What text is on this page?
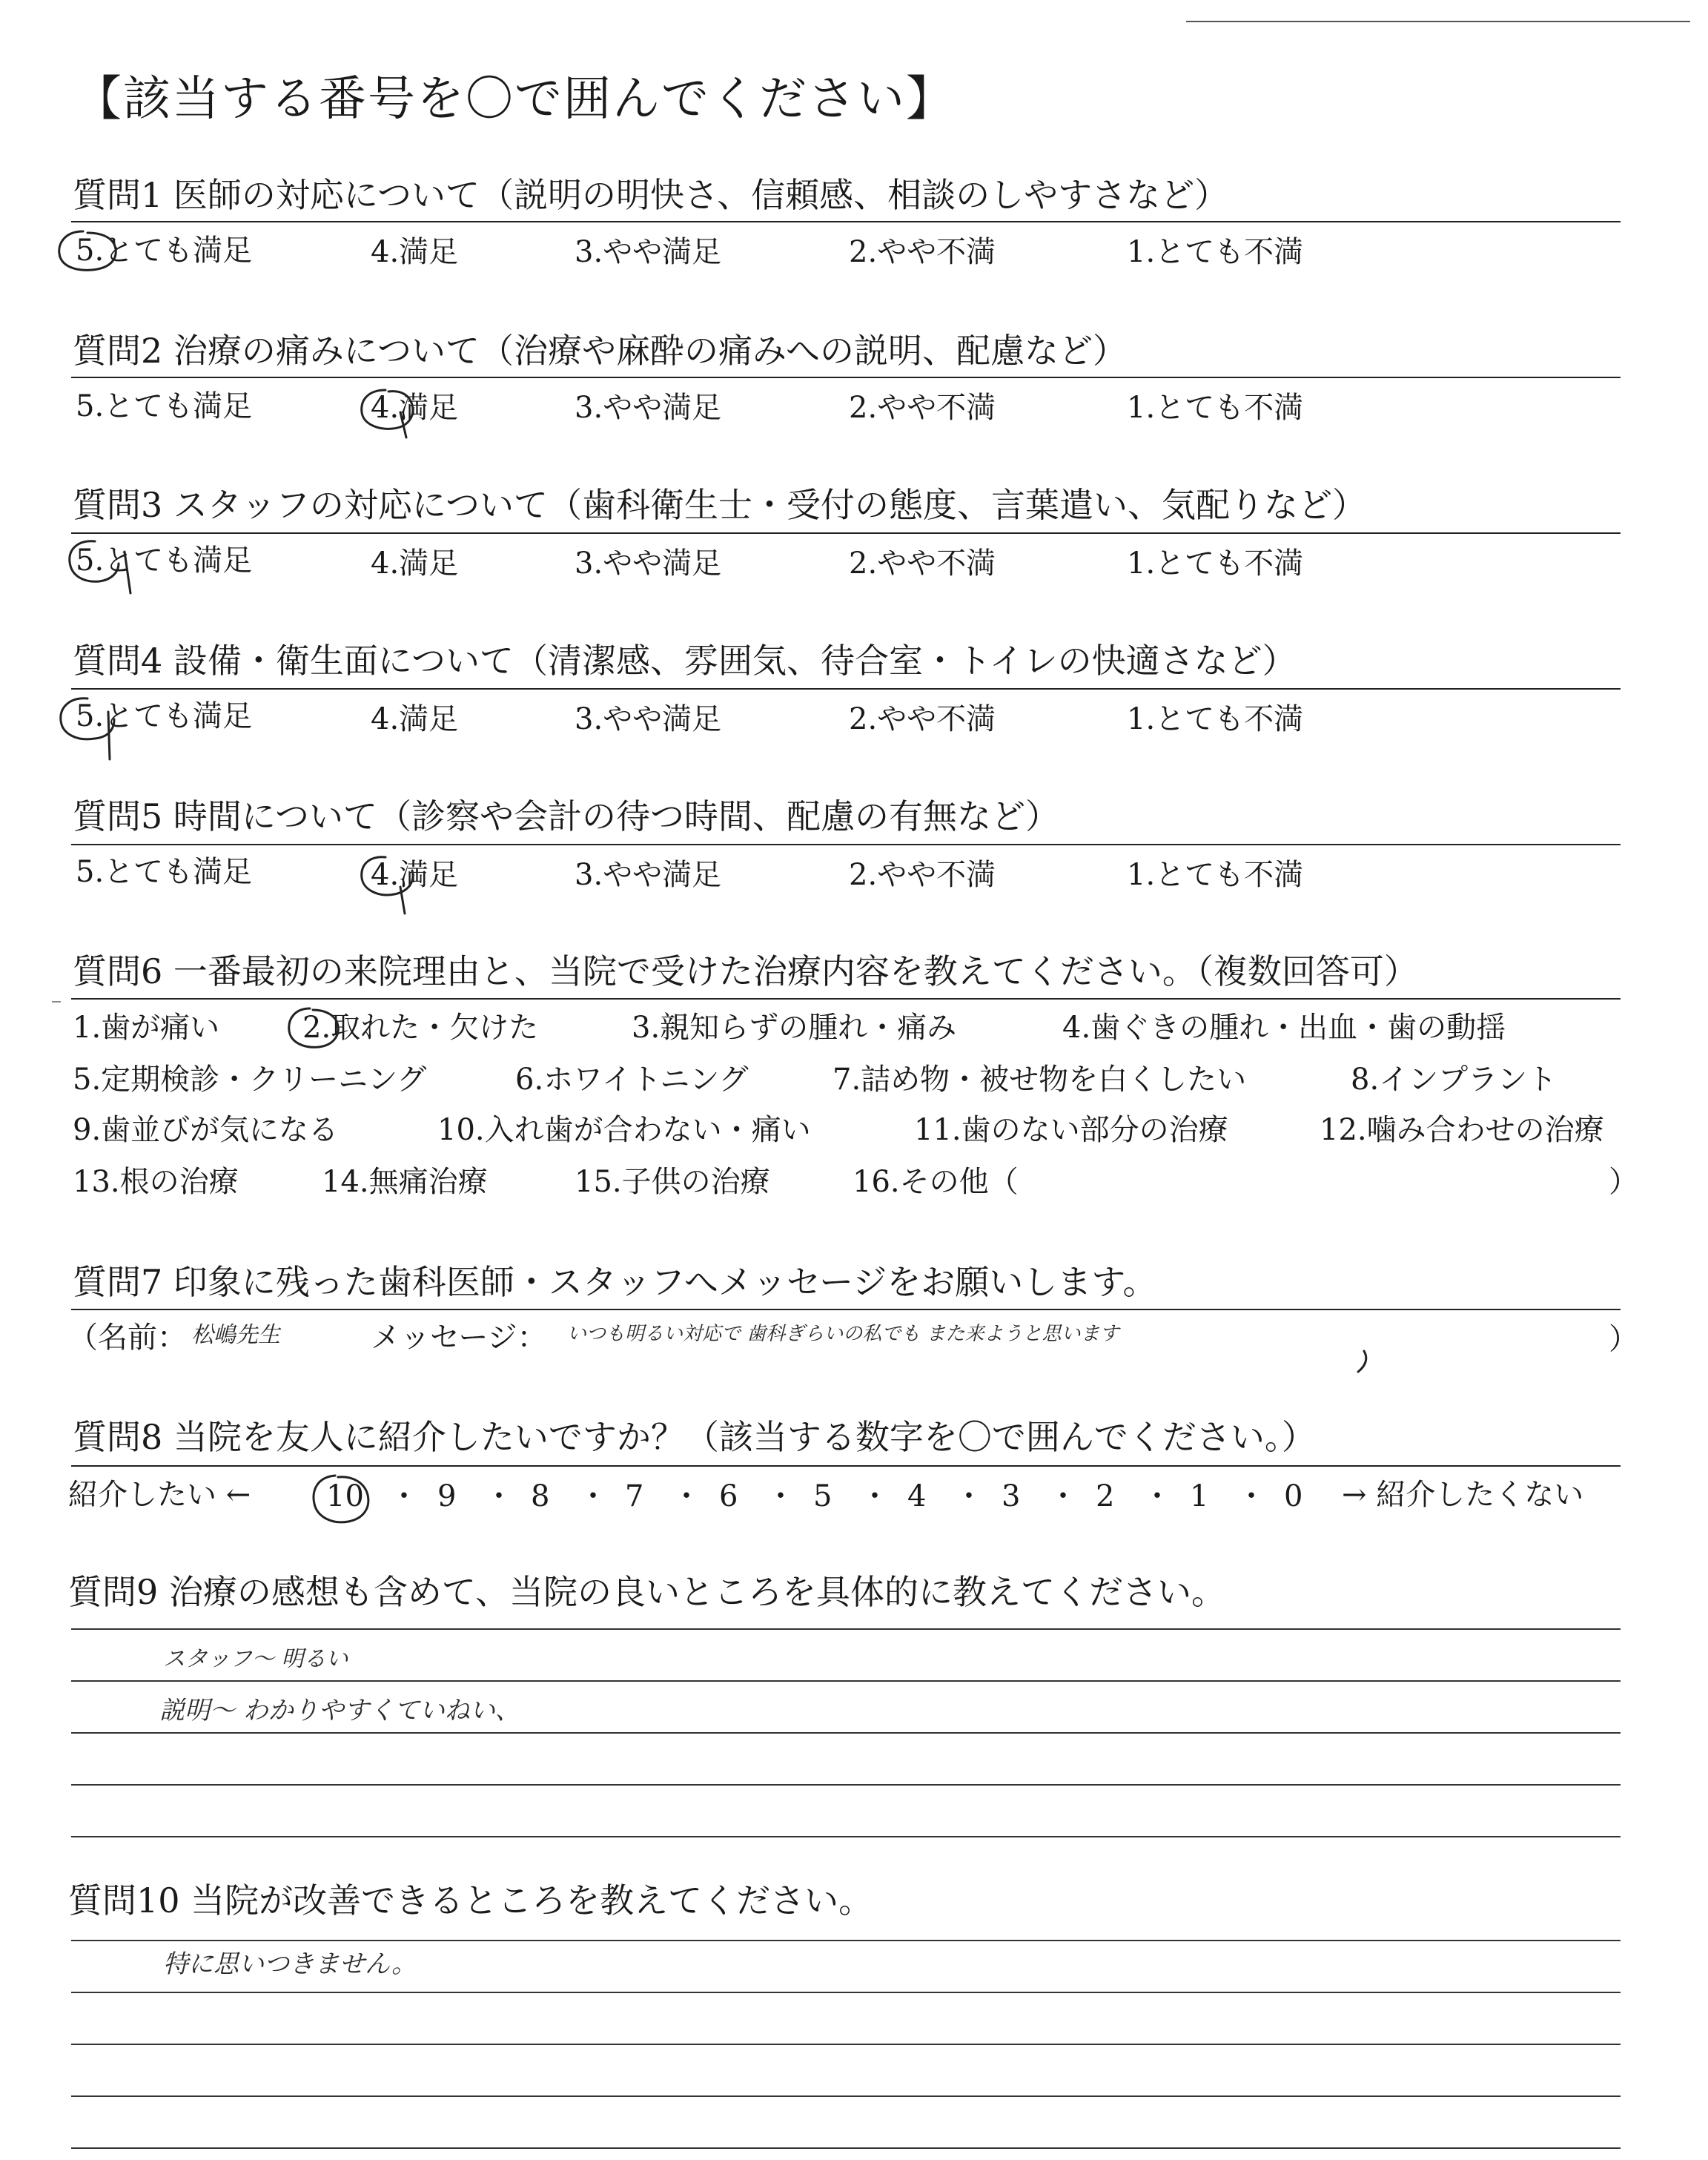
【該当する番号を〇で囲んでください】
質問1 医師の対応について（説明の明快さ、信頼感、相談のしやすさなど）
5.とても満足	4.満足	3.やや満足	2.やや不満	1.とても不満
質問2 治療の痛みについて（治療や麻酔の痛みへの説明、配慮など）
5.とても満足	4.満足	3.やや満足	2.やや不満	1.とても不満
質問3 スタッフの対応について（歯科衛生士・受付の態度、言葉遣い、気配りなど）
5.とても満足	4.満足	3.やや満足	2.やや不満	1.とても不満
質問4 設備・衛生面について（清潔感、雰囲気、待合室・トイレの快適さなど）
5.とても満足	4.満足	3.やや満足	2.やや不満	1.とても不満
質問5 時間について（診察や会計の待つ時間、配慮の有無など）
5.とても満足	4.満足	3.やや満足	2.やや不満	1.とても不満
質問6 一番最初の来院理由と、当院で受けた治療内容を教えてください。（複数回答可）
1.歯が痛い	2.取れた・欠けた	3.親知らずの腫れ・痛み	4.歯ぐきの腫れ・出血・歯の動揺
5.定期検診・クリーニング	6.ホワイトニング	7.詰め物・被せ物を白くしたい	8.インプラント
9.歯並びが気になる	10.入れ歯が合わない・痛い	11.歯のない部分の治療	12.噛み合わせの治療
13.根の治療	14.無痛治療	15.子供の治療	16.その他（	）
質問7 印象に残った歯科医師・スタッフへメッセージをお願いします。
（名前： 松嶋先生	メッセージ： いつも明るい対応で 歯科ぎらいの私でも また来ようと思います	）
質問8 当院を友人に紹介したいですか？（該当する数字を〇で囲んでください。）
紹介したい ←	10 ・ 9 ・ 8 ・ 7 ・ 6 ・ 5 ・ 4 ・ 3 ・ 2 ・ 1 ・ 0 → 紹介したくない
質問9 治療の感想も含めて、当院の良いところを具体的に教えてください。
スタッフ～ 明るい
説明～ わかりやすくていねい、
質問10 当院が改善できるところを教えてください。
特に思いつきません。
